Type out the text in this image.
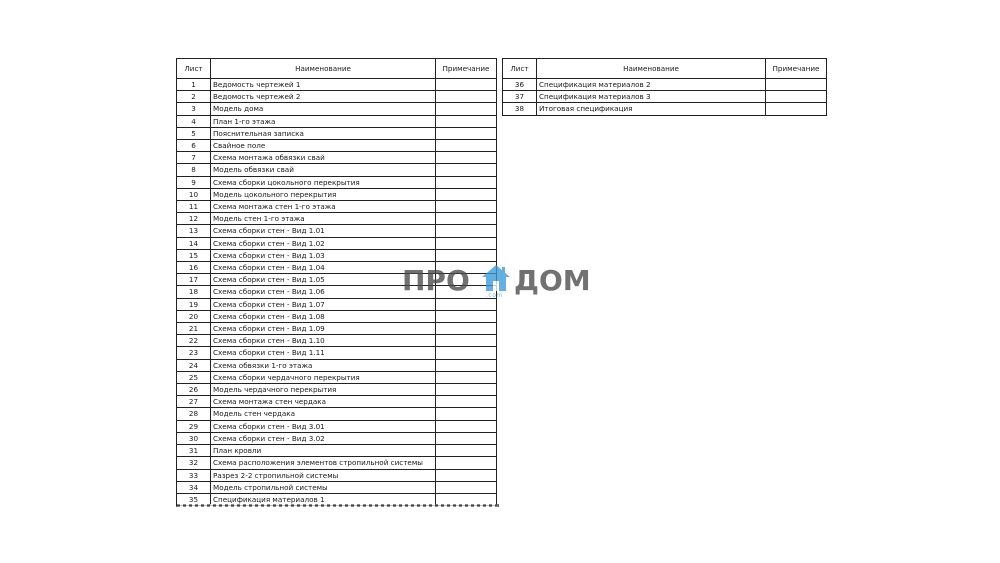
Лист	Наименование	Примечание
1	Ведомость чертежей 1	
2	Ведомость чертежей 2	
3	Модель дома	
4	План 1-го этажа	
5	Пояснительная записка	
6	Свайное поле	
7	Схема монтажа обвязки свай	
8	Модель обвязки свай	
9	Схема сборки цокольного перекрытия	
10	Модель цокольного перекрытия	
11	Схема монтажа стен 1-го этажа	
12	Модель стен 1-го этажа	
13	Схема сборки стен - Вид 1.01	
14	Схема сборки стен - Вид 1.02	
15	Схема сборки стен - Вид 1.03	
16	Схема сборки стен - Вид 1.04	
17	Схема сборки стен - Вид 1.05	
18	Схема сборки стен - Вид 1.06	
19	Схема сборки стен - Вид 1.07	
20	Схема сборки стен - Вид 1.08	
21	Схема сборки стен - Вид 1.09	
22	Схема сборки стен - Вид 1.10	
23	Схема сборки стен - Вид 1.11	
24	Схема обвязки 1-го этажа	
25	Схема сборки чердачного перекрытия	
26	Модель чердачного перекрытия	
27	Схема монтажа стен чердака	
28	Модель стен чердака	
29	Схема сборки стен - Вид 3.01	
30	Схема сборки стен - Вид 3.02	
31	План кровли	
32	Схема расположения элементов стропильной системы	
33	Разрез 2-2 стропильной системы	
34	Модель стропильной системы	
35	Спецификация материалов 1	
Лист	Наименование	Примечание
36	Спецификация материалов 2	
37	Спецификация материалов 3	
38	Итоговая спецификация	
ПРО	.com ДОМ
